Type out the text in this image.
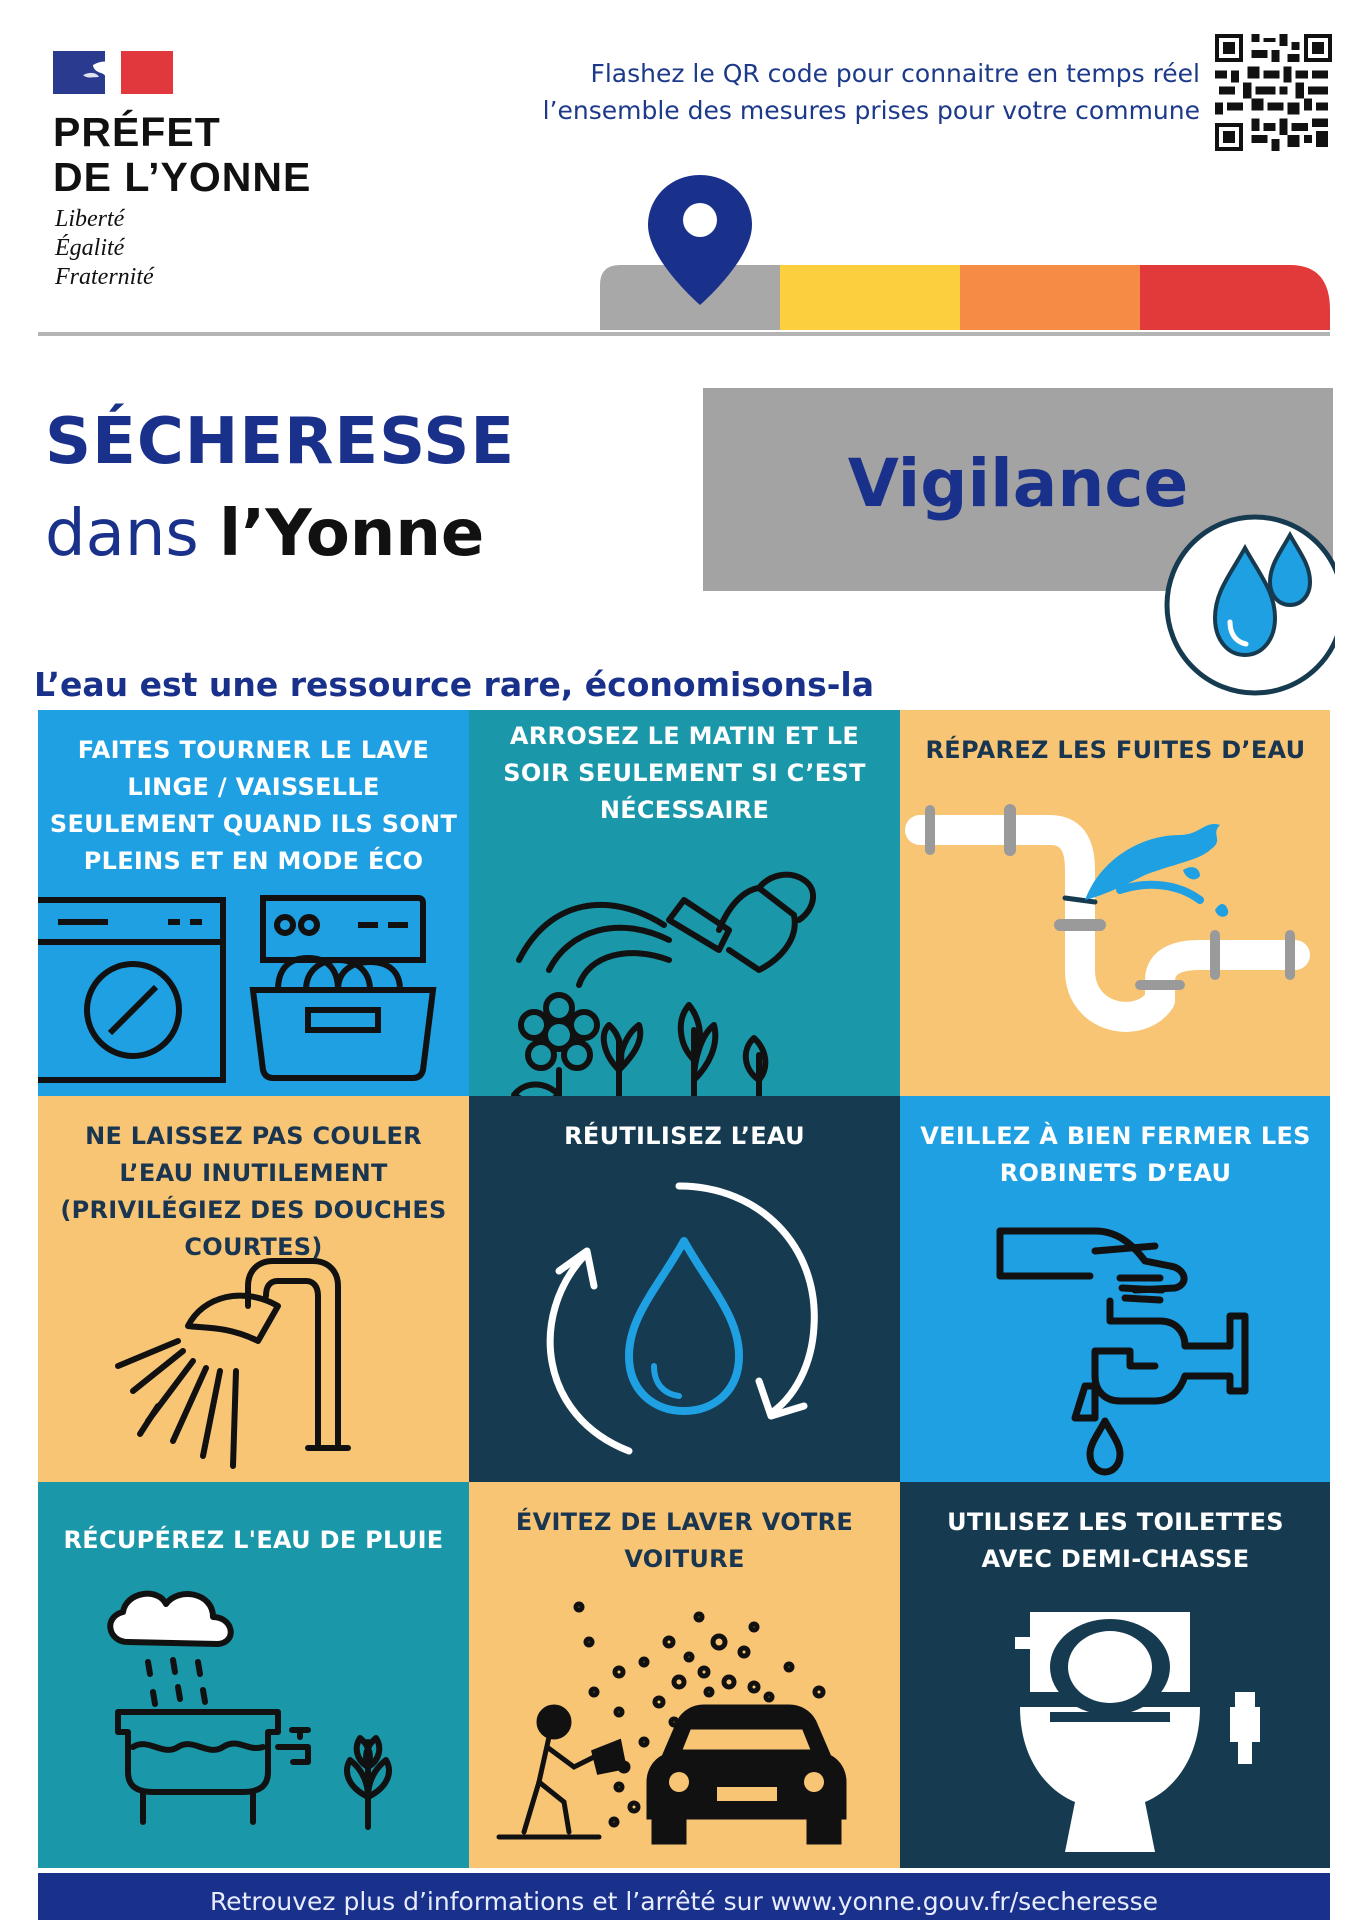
PRÉFET
DE L’YONNE
Liberté
Égalité
Fraternité
Flashez le QR code pour connaitre en temps réel
l’ensemble des mesures prises pour votre commune
SÉCHERESSE
dans l’Yonne
Vigilance
L’eau est une ressource rare, économisons-la
FAITES TOURNER LE LAVE
LINGE / VAISSELLE
SEULEMENT QUAND ILS SONT
PLEINS ET EN MODE ÉCO
ARROSEZ LE MATIN ET LE
SOIR SEULEMENT SI C’EST
NÉCESSAIRE
RÉPAREZ LES FUITES D’EAU
NE LAISSEZ PAS COULER
L’EAU INUTILEMENT
(PRIVILÉGIEZ DES DOUCHES
COURTES)
RÉUTILISEZ L’EAU	VEILLEZ À BIEN FERMER LES
ROBINETS D’EAU
RÉCUPÉREZ L'EAU DE PLUIE
ÉVITEZ DE LAVER VOTRE
VOITURE
UTILISEZ LES TOILETTES
AVEC DEMI-CHASSE
Retrouvez plus d’informations et l’arrêté sur www.yonne.gouv.fr/secheresse
